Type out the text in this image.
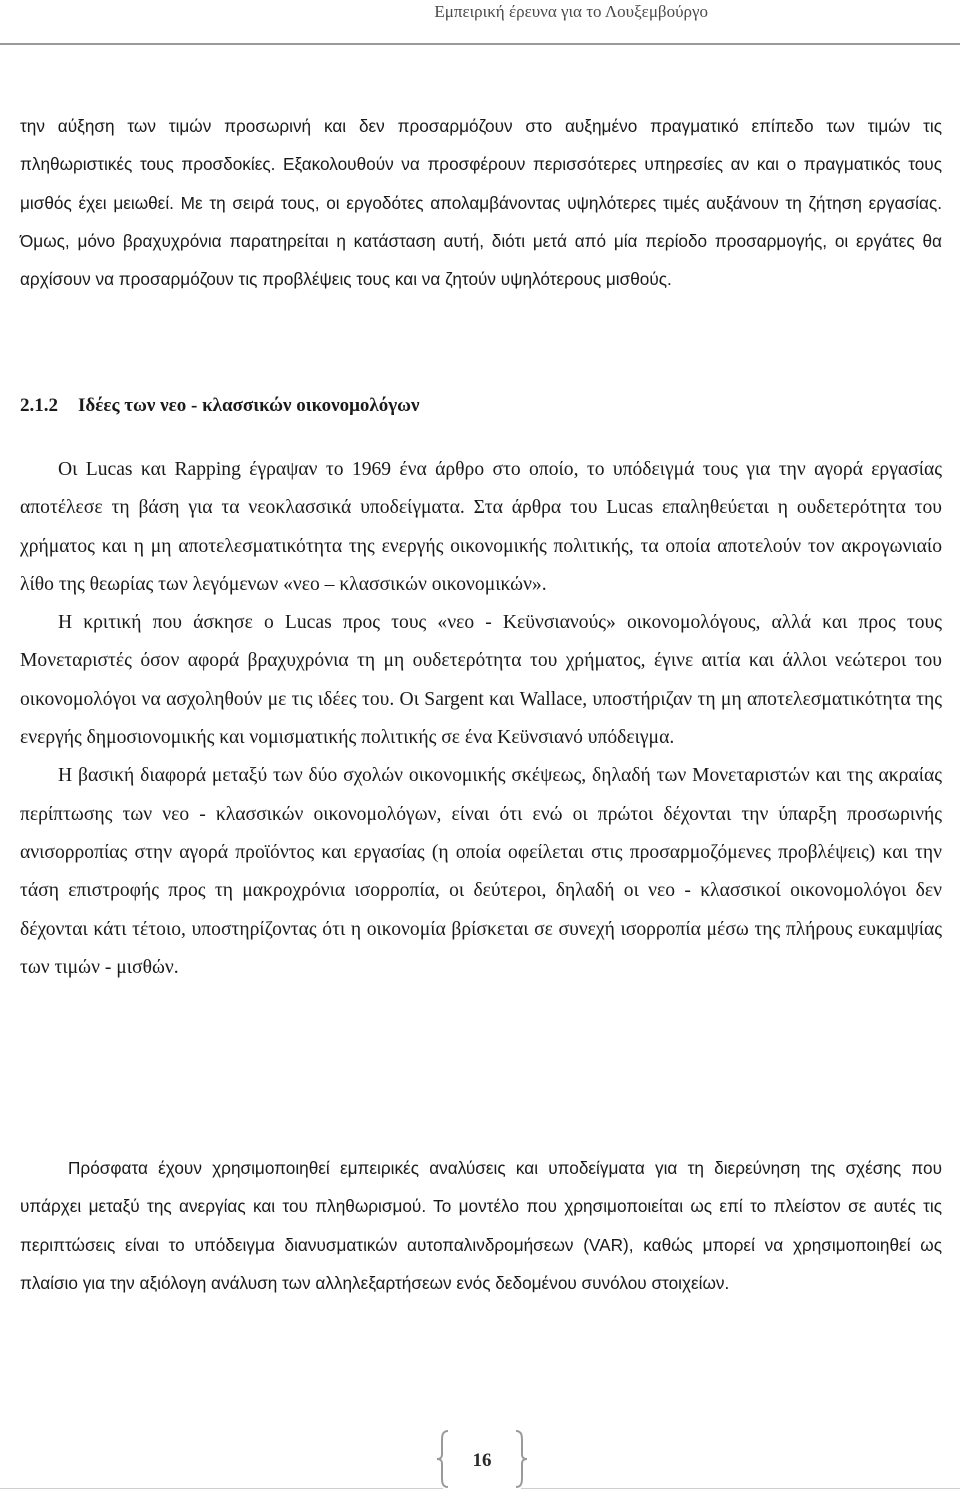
Εμπειρική έρευνα για το Λουξεμβούργο

την αύξηση των τιμών προσωρινή και δεν προσαρμόζουν στο αυξημένο πραγματικό επίπεδο των τιμών τις πληθωριστικές τους προσδοκίες. Εξακολουθούν να προσφέρουν περισσότερες υπηρεσίες αν και ο πραγματικός τους μισθός έχει μειωθεί. Με τη σειρά τους, οι εργοδότες απολαμβάνοντας υψηλότερες τιμές αυξάνουν τη ζήτηση εργασίας. Όμως, μόνο βραχυχρόνια παρατηρείται η κατάσταση αυτή, διότι μετά από μία περίοδο προσαρμογής, οι εργάτες θα αρχίσουν να προσαρμόζουν τις προβλέψεις τους και να ζητούν υψηλότερους μισθούς.

2.1.2 Ιδέες των νεο - κλασσικών οικονομολόγων

Οι Lucas και Rapping έγραψαν το 1969 ένα άρθρο στο οποίο, το υπόδειγμά τους για την αγορά εργασίας αποτέλεσε τη βάση για τα νεοκλασσικά υποδείγματα. Στα άρθρα του Lucas επαληθεύεται η ουδετερότητα του χρήματος και η μη αποτελεσματικότητα της ενεργής οικονομικής πολιτικής, τα οποία αποτελούν τον ακρογωνιαίο λίθο της θεωρίας των λεγόμενων «νεο – κλασσικών οικονομικών».

Η κριτική που άσκησε ο Lucas προς τους «νεο - Κεϋνσιανούς» οικονομολόγους, αλλά και προς τους Μονεταριστές όσον αφορά βραχυχρόνια τη μη ουδετερότητα του χρήματος, έγινε αιτία και άλλοι νεώτεροι του οικονομολόγοι να ασχοληθούν με τις ιδέες του. Οι Sargent και Wallace, υποστήριζαν τη μη αποτελεσματικότητα της ενεργής δημοσιονομικής και νομισματικής πολιτικής σε ένα Κεϋνσιανό υπόδειγμα.

Η βασική διαφορά μεταξύ των δύο σχολών οικονομικής σκέψεως, δηλαδή των Μονεταριστών και της ακραίας περίπτωσης των νεο - κλασσικών οικονομολόγων, είναι ότι ενώ οι πρώτοι δέχονται την ύπαρξη προσωρινής ανισορροπίας στην αγορά προϊόντος και εργασίας (η οποία οφείλεται στις προσαρμοζόμενες προβλέψεις) και την τάση επιστροφής προς τη μακροχρόνια ισορροπία, οι δεύτεροι, δηλαδή οι νεο - κλασσικοί οικονομολόγοι δεν δέχονται κάτι τέτοιο, υποστηρίζοντας ότι η οικονομία βρίσκεται σε συνεχή ισορροπία μέσω της πλήρους ευκαμψίας των τιμών - μισθών.

Πρόσφατα έχουν χρησιμοποιηθεί εμπειρικές αναλύσεις και υποδείγματα για τη διερεύνηση της σχέσης που υπάρχει μεταξύ της ανεργίας και του πληθωρισμού. Το μοντέλο που χρησιμοποιείται ως επί το πλείστον σε αυτές τις περιπτώσεις είναι το υπόδειγμα διανυσματικών αυτοπαλινδρομήσεων (VAR), καθώς μπορεί να χρησιμοποιηθεί ως πλαίσιο για την αξιόλογη ανάλυση των αλληλεξαρτήσεων ενός δεδομένου συνόλου στοιχείων.

16
